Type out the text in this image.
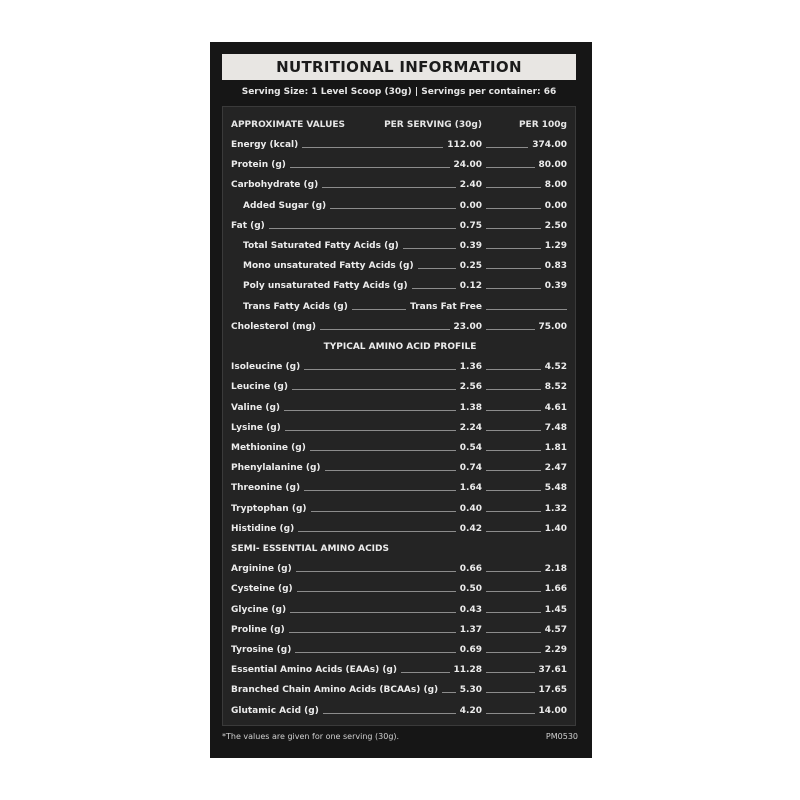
NUTRITIONAL INFORMATION
Serving Size: 1 Level Scoop (30g) | Servings per container: 66
APPROXIMATE VALUES	PER SERVING (30g)	PER 100g
Energy (kcal)	112.00	374.00
Protein (g)	24.00	80.00
Carbohydrate (g)	2.40	8.00
Added Sugar (g)	0.00	0.00
Fat (g)	0.75	2.50
Total Saturated Fatty Acids (g)	0.39	1.29
Mono unsaturated Fatty Acids (g)	0.25	0.83
Poly unsaturated Fatty Acids (g)	0.12	0.39
Trans Fatty Acids (g)	Trans Fat Free
Cholesterol (mg)	23.00	75.00
TYPICAL AMINO ACID PROFILE
Isoleucine (g)	1.36	4.52
Leucine (g)	2.56	8.52
Valine (g)	1.38	4.61
Lysine (g)	2.24	7.48
Methionine (g)	0.54	1.81
Phenylalanine (g)	0.74	2.47
Threonine (g)	1.64	5.48
Tryptophan (g)	0.40	1.32
Histidine (g)	0.42	1.40
SEMI- ESSENTIAL AMINO ACIDS
Arginine (g)	0.66	2.18
Cysteine (g)	0.50	1.66
Glycine (g)	0.43	1.45
Proline (g)	1.37	4.57
Tyrosine (g)	0.69	2.29
Essential Amino Acids (EAAs) (g)	11.28	37.61
Branched Chain Amino Acids (BCAAs) (g) 5.30	17.65
Glutamic Acid (g)	4.20	14.00
*The values are given for one serving (30g).	PM0530
